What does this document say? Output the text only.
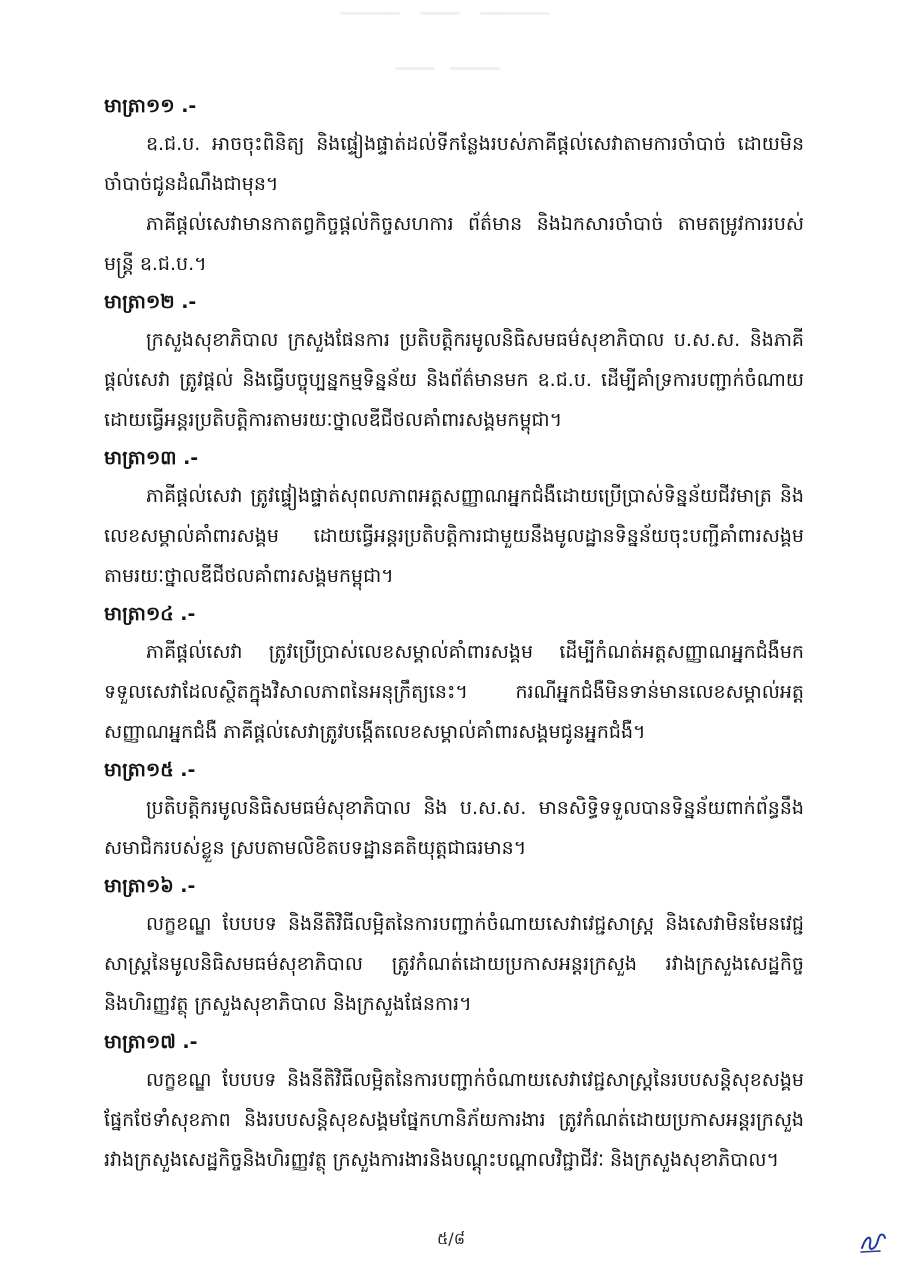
មាត្រា១១ .-

ឧ.ជ.ប. អាចចុះពិនិត្យ និងផ្ទៀងផ្ទាត់ដល់ទីកន្លែងរបស់ភាគីផ្តល់សេវាតាមការចាំបាច់ ដោយមិនចាំបាច់ជូនដំណឹងជាមុន។

ភាគីផ្តល់សេវាមានកាតព្វកិច្ចផ្តល់កិច្ចសហការ ព័ត៌មាន និងឯកសារចាំបាច់ តាមតម្រូវការរបស់មន្ត្រី ឧ.ជ.ប.។

មាត្រា១២ .-

ក្រសួងសុខាភិបាល ក្រសួងផែនការ ប្រតិបត្តិករមូលនិធិសមធម៌សុខាភិបាល ប.ស.ស. និងភាគីផ្តល់សេវា ត្រូវផ្តល់ និងធ្វើបច្ចុប្បន្នកម្មទិន្នន័យ និងព័ត៌មានមក ឧ.ជ.ប. ដើម្បីគាំទ្រការបញ្ជាក់ចំណាយដោយធ្វើអន្តរប្រតិបត្តិការតាមរយៈថ្នាលឌីជីថលគាំពារសង្គមកម្ពុជា។

មាត្រា១៣ .-

ភាគីផ្តល់សេវា ត្រូវផ្ទៀងផ្ទាត់សុពលភាពអត្តសញ្ញាណអ្នកជំងឺដោយប្រើប្រាស់ទិន្នន័យជីវមាត្រ និងលេខសម្គាល់គាំពារសង្គម ដោយធ្វើអន្តរប្រតិបត្តិការជាមួយនឹងមូលដ្ឋានទិន្នន័យចុះបញ្ជីគាំពារសង្គមតាមរយៈថ្នាលឌីជីថលគាំពារសង្គមកម្ពុជា។

មាត្រា១៤ .-

ភាគីផ្តល់សេវា ត្រូវប្រើប្រាស់លេខសម្គាល់គាំពារសង្គម ដើម្បីកំណត់អត្តសញ្ញាណអ្នកជំងឺមកទទួលសេវាដែលស្ថិតក្នុងវិសាលភាពនៃអនុក្រឹត្យនេះ។ ករណីអ្នកជំងឺមិនទាន់មានលេខសម្គាល់អត្តសញ្ញាណអ្នកជំងឺ ភាគីផ្តល់សេវាត្រូវបង្កើតលេខសម្គាល់គាំពារសង្គមជូនអ្នកជំងឺ។

មាត្រា១៥ .-

ប្រតិបត្តិករមូលនិធិសមធម៌សុខាភិបាល និង ប.ស.ស. មានសិទ្ធិទទួលបានទិន្នន័យពាក់ព័ន្ធនឹងសមាជិករបស់ខ្លួន ស្របតាមលិខិតបទដ្ឋានគតិយុត្តជាធរមាន។

មាត្រា១៦ .-

លក្ខខណ្ឌ បែបបទ និងនីតិវិធីលម្អិតនៃការបញ្ជាក់ចំណាយសេវាវេជ្ជសាស្ត្រ និងសេវាមិនមែនវេជ្ជសាស្ត្រនៃមូលនិធិសមធម៌សុខាភិបាល ត្រូវកំណត់ដោយប្រកាសអន្តរក្រសួង រវាងក្រសួងសេដ្ឋកិច្ចនិងហិរញ្ញវត្ថុ ក្រសួងសុខាភិបាល និងក្រសួងផែនការ។

មាត្រា១៧ .-

លក្ខខណ្ឌ បែបបទ និងនីតិវិធីលម្អិតនៃការបញ្ជាក់ចំណាយសេវាវេជ្ជសាស្ត្រនៃរបបសន្តិសុខសង្គមផ្នែកថែទាំសុខភាព និងរបបសន្តិសុខសង្គមផ្នែកហានិភ័យការងារ ត្រូវកំណត់ដោយប្រកាសអន្តរក្រសួង រវាងក្រសួងសេដ្ឋកិច្ចនិងហិរញ្ញវត្ថុ ក្រសួងការងារនិងបណ្តុះបណ្តាលវិជ្ជាជីវៈ និងក្រសួងសុខាភិបាល។

៥/៨
